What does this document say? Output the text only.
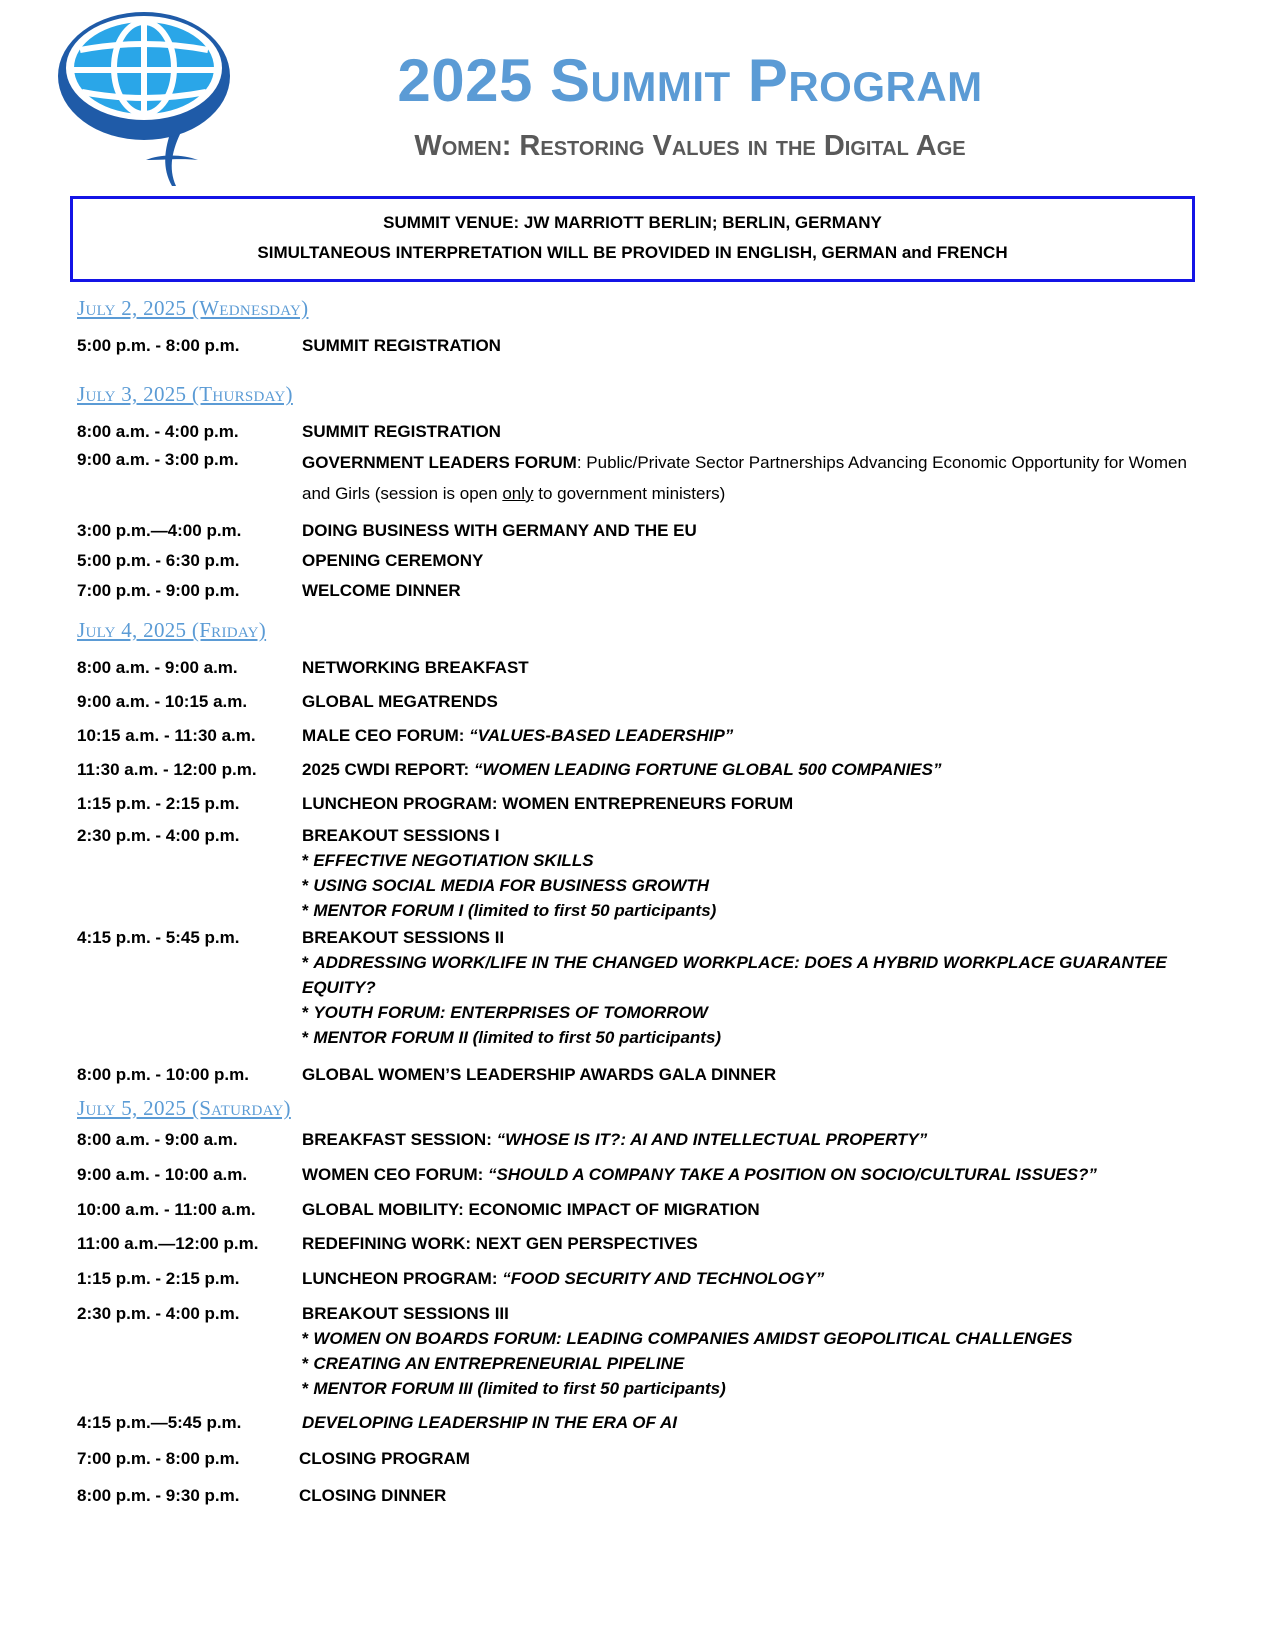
2025 Summit Program
Women: Restoring Values in the Digital Age
SUMMIT VENUE: JW MARRIOTT BERLIN; BERLIN, GERMANY
SIMULTANEOUS INTERPRETATION WILL BE PROVIDED IN ENGLISH, GERMAN and FRENCH
July 2, 2025 (Wednesday)
5:00 p.m. - 8:00 p.m.	SUMMIT REGISTRATION
July 3, 2025 (Thursday)
8:00 a.m. - 4:00 p.m.	SUMMIT REGISTRATION
9:00 a.m. - 3:00 p.m.	GOVERNMENT LEADERS FORUM: Public/Private Sector Partnerships Advancing Economic Opportunity for Women and Girls (session is open only to government ministers)
3:00 p.m.—4:00 p.m.	DOING BUSINESS WITH GERMANY AND THE EU
5:00 p.m. - 6:30 p.m.	OPENING CEREMONY
7:00 p.m. - 9:00 p.m.	WELCOME DINNER
July 4, 2025 (Friday)
8:00 a.m. - 9:00 a.m.	NETWORKING BREAKFAST
9:00 a.m. - 10:15 a.m.	GLOBAL MEGATRENDS
10:15 a.m. - 11:30 a.m.	MALE CEO FORUM: “VALUES-BASED LEADERSHIP”
11:30 a.m. - 12:00 p.m.	2025 CWDI REPORT: “WOMEN LEADING FORTUNE GLOBAL 500 COMPANIES”
1:15 p.m. - 2:15 p.m.	LUNCHEON PROGRAM: WOMEN ENTREPRENEURS FORUM
2:30 p.m. - 4:00 p.m.	BREAKOUT SESSIONS I
* EFFECTIVE NEGOTIATION SKILLS
* USING SOCIAL MEDIA FOR BUSINESS GROWTH
* MENTOR FORUM I (limited to first 50 participants)
4:15 p.m. - 5:45 p.m.	BREAKOUT SESSIONS II
* ADDRESSING WORK/LIFE IN THE CHANGED WORKPLACE: DOES A HYBRID WORKPLACE GUARANTEE EQUITY?
* YOUTH FORUM: ENTERPRISES OF TOMORROW
* MENTOR FORUM II (limited to first 50 participants)
8:00 p.m. - 10:00 p.m.	GLOBAL WOMEN’S LEADERSHIP AWARDS GALA DINNER
July 5, 2025 (Saturday)
8:00 a.m. - 9:00 a.m.	BREAKFAST SESSION: “WHOSE IS IT?: AI AND INTELLECTUAL PROPERTY”
9:00 a.m. - 10:00 a.m.	WOMEN CEO FORUM: “SHOULD A COMPANY TAKE A POSITION ON SOCIO/CULTURAL ISSUES?”
10:00 a.m. - 11:00 a.m.	GLOBAL MOBILITY: ECONOMIC IMPACT OF MIGRATION
11:00 a.m.—12:00 p.m.	REDEFINING WORK: NEXT GEN PERSPECTIVES
1:15 p.m. - 2:15 p.m.	LUNCHEON PROGRAM: “FOOD SECURITY AND TECHNOLOGY”
2:30 p.m. - 4:00 p.m.	BREAKOUT SESSIONS III
* WOMEN ON BOARDS FORUM: LEADING COMPANIES AMIDST GEOPOLITICAL CHALLENGES
* CREATING AN ENTREPRENEURIAL PIPELINE
* MENTOR FORUM III (limited to first 50 participants)
4:15 p.m.—5:45 p.m.	DEVELOPING LEADERSHIP IN THE ERA OF AI
7:00 p.m. - 8:00 p.m.	CLOSING PROGRAM
8:00 p.m. - 9:30 p.m.	CLOSING DINNER
